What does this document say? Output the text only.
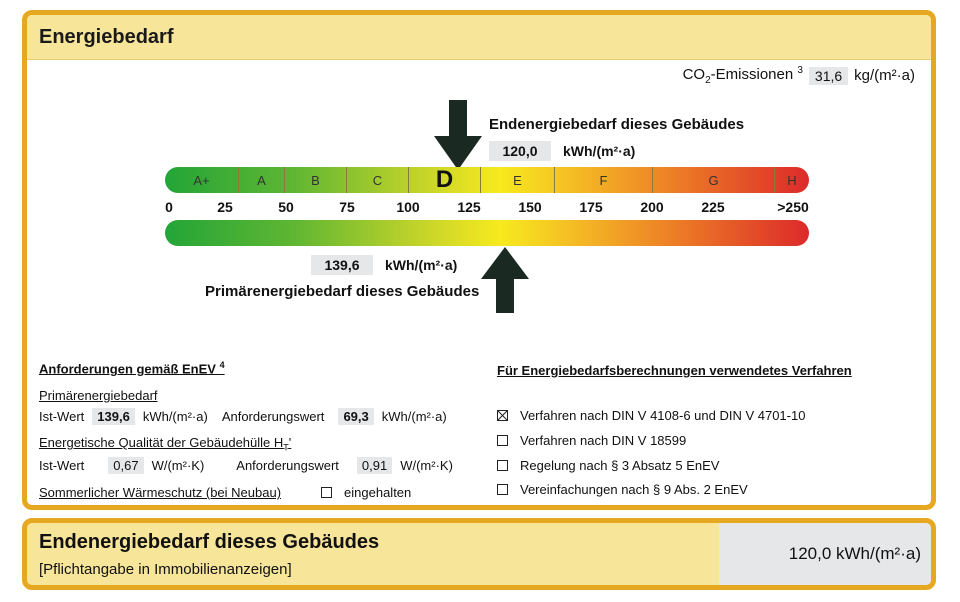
Energiebedarf
$CO_2$-Emissionen $^3$ 31,6 kg/(m²·a)
Endenergiebedarf dieses Gebäudes
120,0	kWh/(m²·a)
A+	A	B	C	D	E	F	G	H
0	25	50	75	100	125	150	175	200	225	>250
139,6	kWh/(m²·a)
Primärenergiebedarf dieses Gebäudes
Anforderungen gemäß EnEV $^4$
Primärenergiebedarf
Ist-Wert	139,6	kWh/(m²·a) Anforderungswert	69,3	kWh/(m²·a)
Energetische Qualität der Gebäudehülle $H_T'$
Ist-Wert	0,67	W/(m²·K) Anforderungswert	0,91	W/(m²·K)
Sommerlicher Wärmeschutz (bei Neubau)	eingehalten
Für Energiebedarfsberechnungen verwendetes Verfahren
Verfahren nach DIN V 4108-6 und DIN V 4701-10
Verfahren nach DIN V 18599
Regelung nach § 3 Absatz 5 EnEV
Vereinfachungen nach § 9 Abs. 2 EnEV
Endenergiebedarf dieses Gebäudes
[Pflichtangabe in Immobilienanzeigen]
120,0 kWh/(m²·a)
